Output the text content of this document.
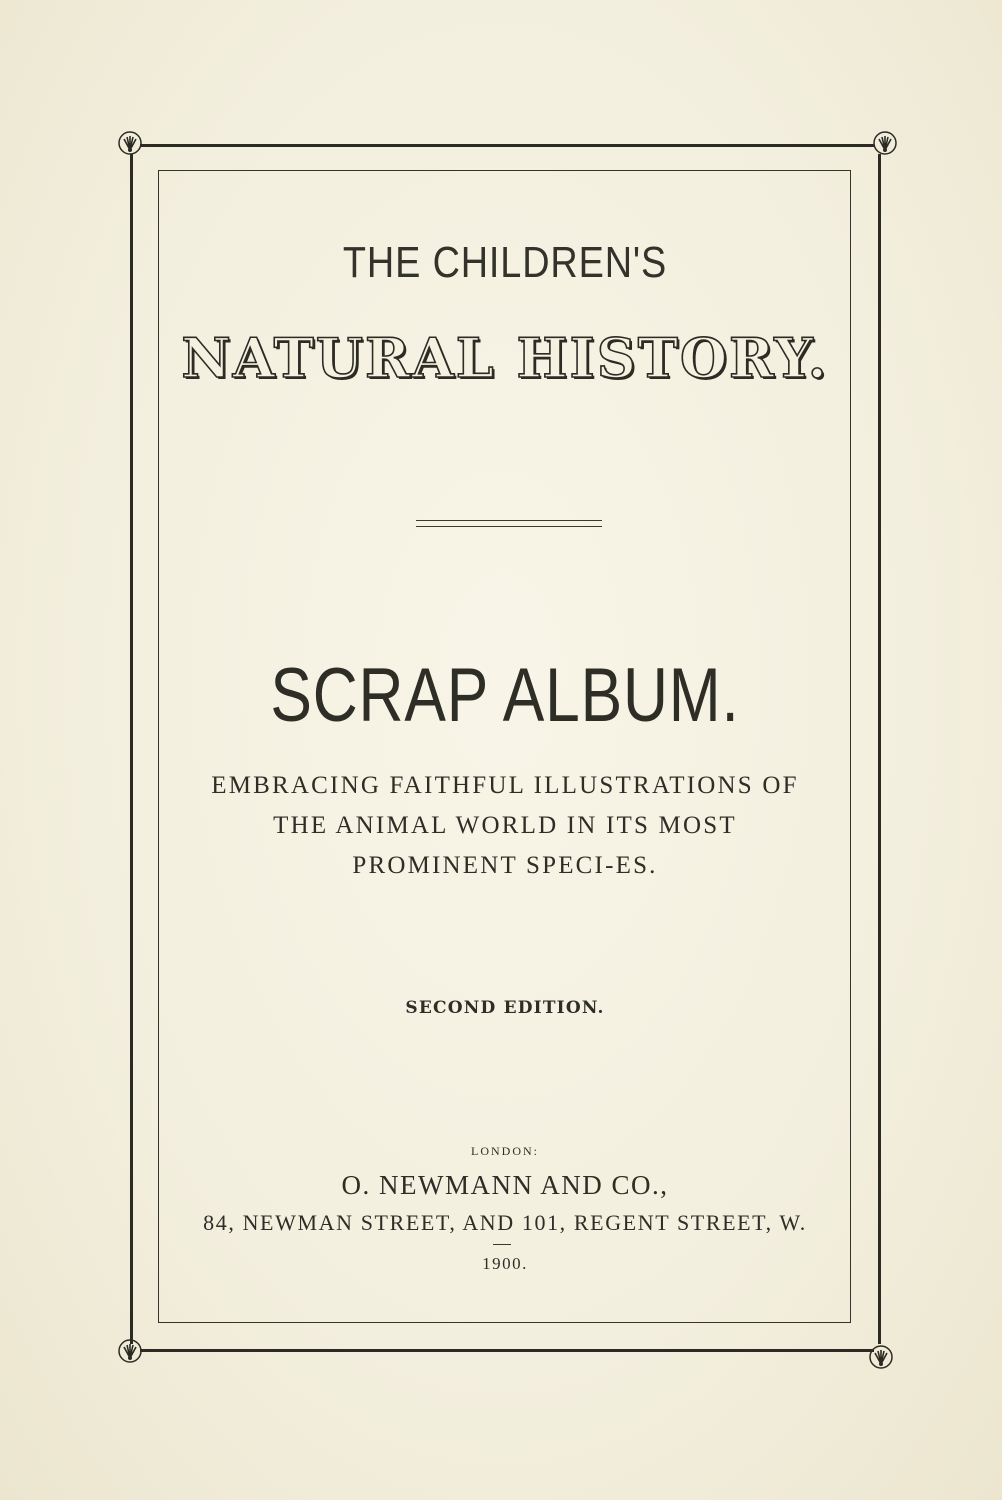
THE CHILDREN'S
NATURAL HISTORY.
SCRAP ALBUM.
EMBRACING FAITHFUL ILLUSTRATIONS OF
THE ANIMAL WORLD IN ITS MOST
PROMINENT SPECI-ES.
SECOND EDITION.
LONDON:
O. NEWMANN AND CO.,
84, NEWMAN STREET, AND 101, REGENT STREET, W.
1900.
